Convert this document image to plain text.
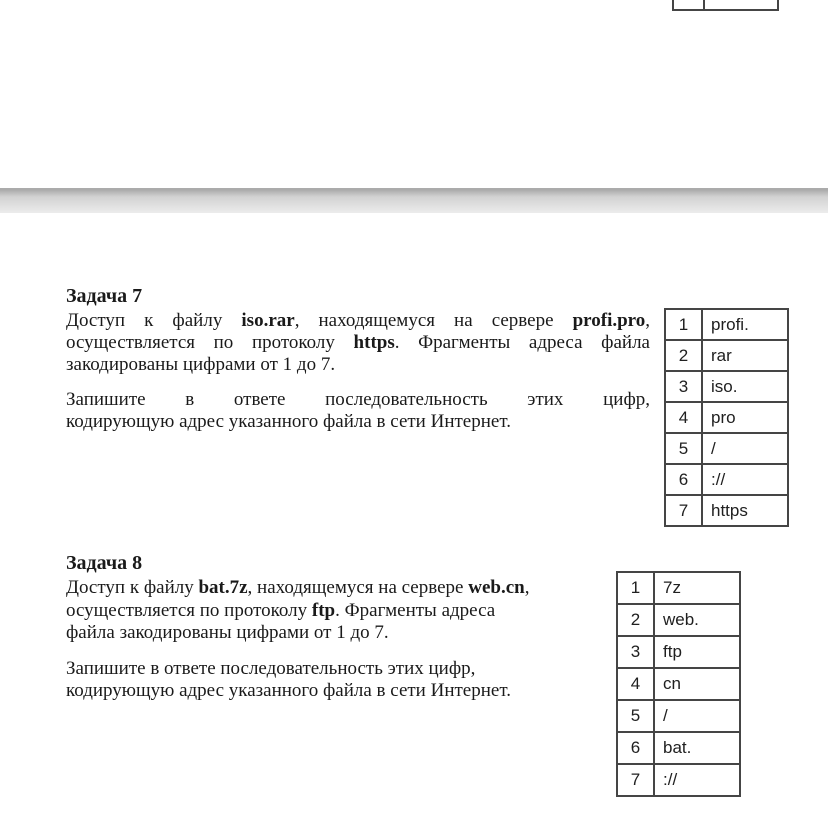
Задача 7
Доступ к файлу iso.rar, находящемуся на сервере profi.pro,
осуществляется по протоколу https. Фрагменты адреса файла
закодированы цифрами от 1 до 7.
Запишите в ответе последовательность этих цифр,
кодирующую адрес указанного файла в сети Интернет.
1	profi.
2	rar
3	iso.
4	pro
5	/
6	://
7	https
Задача 8
Доступ к файлу bat.7z, находящемуся на сервере web.cn,
осуществляется по протоколу ftp. Фрагменты адреса
файла закодированы цифрами от 1 до 7.
Запишите в ответе последовательность этих цифр,
кодирующую адрес указанного файла в сети Интернет.
1	7z
2	web.
3	ftp
4	cn
5	/
6	bat.
7	://
